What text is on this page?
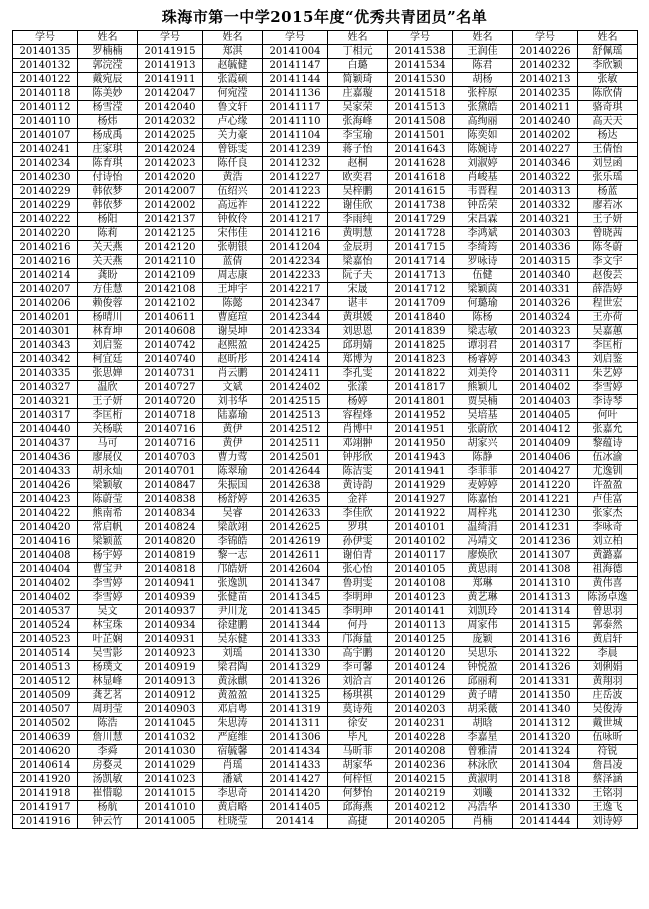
珠海市第一中学2015年度“优秀共青团员”名单
学号	姓名	学号	姓名	学号	姓名	学号	姓名	学号	姓名
20140135	罗楠楠	20141915	郑淇	20141004	丁相元	20141538	王润佳	20140226	舒佩瑶
20140132	郭浣滢	20141913	赵毓健	20141147	白璐	20141534	陈君	20140232	李欣颖
20140122	戴宛辰	20141911	张霞硕	20141144	简颖琦	20141530	胡杨	20140213	张敏
20140118	陈美妙	20142047	何宛滢	20141136	庄嘉璇	20141518	张梓原	20140235	陈欣倩
20140112	杨雪滢	20142040	鲁文轩	20141117	吴家荣	20141513	张黛皓	20140211	骆奇琪
20140110	杨炜	20142032	卢心缘	20141110	张海峰	20141508	高绚丽	20140240	高天天
20140107	杨成禹	20142025	关力豪	20141104	李宝瑜	20141501	陈奕如	20140202	杨达
20140241	庄家琪	20142024	曾铄雯	20141239	蒋子怡	20141643	陈婉诗	20140227	王倩怡
20140234	陈育琪	20142023	陈仟良	20141232	赵桐	20141628	刘淑婷	20140346	刘昱函
20140230	付诗怡	20142020	黄浩	20141227	欧奕君	20141618	肖峻基	20140322	张乐瑶
20140229	韩依梦	20142007	伍绍兴	20141223	吴梓鹏	20141615	韦晋程	20140313	杨蓝
20140229	韩依梦	20142002	高远祚	20141222	谢佳欣	20141738	钟岳荣	20140332	廖若冰
20140222	杨阳	20142137	钟攸伶	20141217	李雨纯	20141729	宋昌霖	20140321	王子妍
20140220	陈莉	20142125	宋伟佳	20141216	黄明慧	20141728	李鸿斌	20140303	曾晓茜
20140216	关天燕	20142120	张朝银	20141204	金辰玥	20141715	李绮筠	20140336	陈冬蔚
20140216	关天燕	20142110	蓝倩	20142234	梁嘉怡	20141714	罗咏诗	20140315	李文宇
20140214	龚盼	20142109	周志康	20142233	阮子夫	20141713	伍健	20140340	赵俊芸
20140207	方佳慧	20142108	王坤宇	20142217	宋晟	20141712	梁颖茵	20140331	薛浩婷
20140206	赖俊蓉	20142102	陈懿	20142347	谌丰	20141709	何璐瑜	20140326	程世宏
20140201	杨晴川	20140611	曹庭瑄	20142344	黄琪媛	20141840	陈杨	20140324	王亦荷
20140301	林育坤	20140608	谢昊坤	20142334	刘思恩	20141839	梁志敏	20140323	吴嘉蕙
20140343	刘启鉴	20140742	赵熙盈	20142425	邱玥婧	20141825	谭羽君	20140317	李匡桁
20140342	柯宜廷	20140740	赵昕彤	20142414	郑博为	20141823	杨睿婷	20140343	刘启鉴
20140335	张思婵	20140731	肖云鹏	20142411	李孔雯	20141822	刘美伶	20140311	朱艺婷
20140327	温欣	20140727	文斌	20142402	张漾	20141817	熊颖儿	20140402	李雪婷
20140321	王子妍	20140720	刘书华	20142515	杨婷	20141801	贾昊楠	20140403	李诗琴
20140317	李匡桁	20140718	陆嘉瑜	20142513	容程烽	20141952	吴培基	20140405	何叶
20140440	关杨联	20140716	黄伊	20142512	肖博中	20141951	张蔚欣	20140412	张嘉允
20140437	马可	20140716	黄伊	20142511	邓翊翀	20141950	胡家兴	20140409	黎蕴诗
20140436	廖展仪	20140703	曹力莺	20142501	钟彤欣	20141943	陈静	20140406	伍冰渝
20140433	胡永灿	20140701	陈翠瑜	20142644	陈洁雯	20141941	李菲菲	20140427	尤逸钏
20140426	梁颖敏	20140847	朱振国	20142638	黄诗韵	20141929	麦婷婷	20141220	许盈盈
20140423	陈蔚莹	20140838	杨舒婷	20142635	金祥	20141927	陈嘉怡	20141221	卢佳富
20140422	熊南希	20140834	吴睿	20142633	李佳欣	20141922	周梓兆	20141230	张家杰
20140420	常启帆	20140824	梁歆翊	20142625	罗琪	20140101	温绮涓	20141231	李咏奇
20140416	梁颖蓝	20140820	李锦皓	20142619	孙伊雯	20140102	冯靖文	20141236	刘立柏
20140408	杨宇婷	20140819	黎一志	20142611	谢伯青	20140117	廖焕欣	20141307	黄潞嘉
20140404	曹宝尹	20140818	邝皓妍	20142604	张心怡	20140105	黄思雨	20141308	祖海德
20140402	李雪婷	20140941	张逸凯	20141347	鲁玥雯	20140108	郑琳	20141310	黄伟喜
20140402	李雪婷	20140939	张健苗	20141345	李明珅	20140123	黄艺琳	20141313	陈汤卓逸
20140537	吴文	20140937	尹川龙	20141345	李明珅	20140141	刘凯玲	20141314	曾思羽
20140524	林宝珠	20140934	徐建鹏	20141344	何丹	20140113	周家伟	20141315	郭泰然
20140523	叶芷娴	20140931	吴东健	20141333	邝海量	20140125	庞颖	20141316	黄启轩
20140514	吴雪影	20140923	刘瑶	20141330	高宇鹏	20140120	吴思乐	20141322	李晨
20140513	杨璞文	20140919	梁君陶	20141329	李可馨	20140124	钟悦盈	20141326	刘俐娟
20140512	林显峰	20140913	黄泳麒	20141326	刘洽言	20140126	邱丽莉	20141331	黄翔羽
20140509	龚艺茗	20140912	黄盈盈	20141325	杨琪祺	20140129	黄子晴	20141350	庄岳波
20140507	周玥莹	20140903	邓启粤	20141319	莫诗苑	20140203	胡采薇	20141340	吴俊涛
20140502	陈浩	20141045	朱思涛	20141311	徐安	20140231	胡晗	20141312	戴世城
20140639	詹川慧	20141032	严庭维	20141306	毕凡	20140228	李嘉星	20141320	伍咏昕
20140620	李舜	20141030	宿毓馨	20141434	马昕菲	20140208	曾雅清	20141324	符锐
20140614	房婺灵	20141029	肖瑶	20141433	胡家华	20140236	林泳欣	20141304	詹昌凌
20141920	汤凯敏	20141023	潘斌	20141427	何梓恒	20140215	黄淑明	20141318	蔡泽涵
20141918	崔惜聪	20141015	李思奇	20141420	何梦怡	20140219	刘曦	20141332	王铭羽
20141917	杨航	20141010	黄启略	20141405	邱海燕	20140212	冯浩华	20141330	王逸飞
20141916	钟云竹	20141005	杜晓莹	201414	高捷	20140205	肖楠	20141444	刘诗婷
